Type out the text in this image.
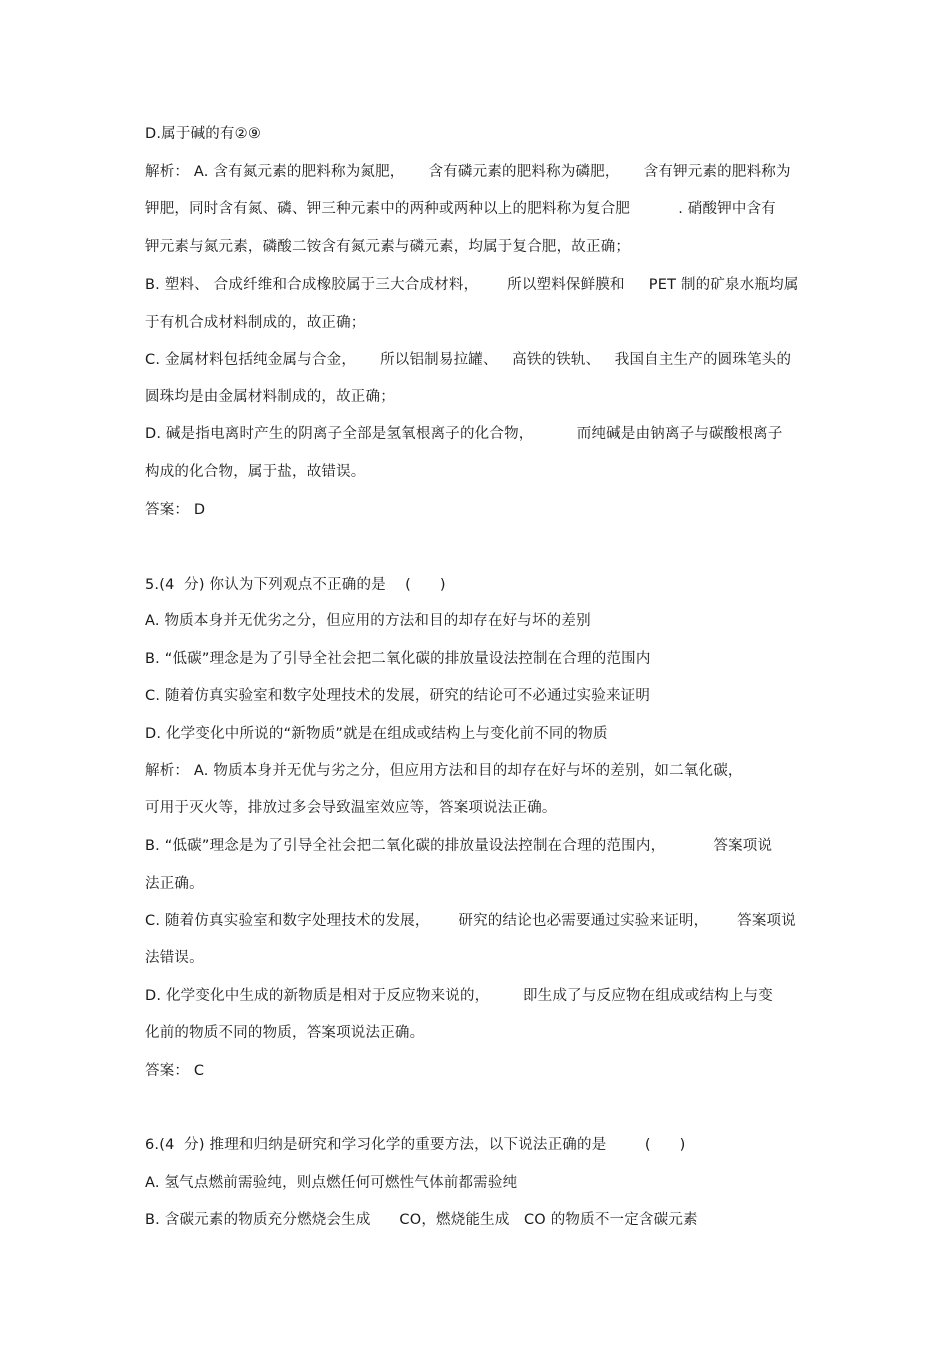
D.属于碱的有②⑨
解析： A. 含有氮元素的肥料称为氮肥，     含有磷元素的肥料称为磷肥，     含有钾元素的肥料称为
钾肥，同时含有氮、磷、钾三种元素中的两种或两种以上的肥料称为复合肥          . 硝酸钾中含有
钾元素与氮元素，磷酸二铵含有氮元素与磷元素，均属于复合肥，故正确；
B. 塑料、 合成纤维和合成橡胶属于三大合成材料，      所以塑料保鲜膜和     PET 制的矿泉水瓶均属
于有机合成材料制成的，故正确；
C. 金属材料包括纯金属与合金，     所以铝制易拉罐、   高铁的铁轨、   我国自主生产的圆珠笔头的
圆珠均是由金属材料制成的，故正确；
D. 碱是指电离时产生的阴离子全部是氢氧根离子的化合物，         而纯碱是由钠离子与碳酸根离子
构成的化合物，属于盐，故错误。
答案： D
5.(4  分) 你认为下列观点不正确的是    (      )
A. 物质本身并无优劣之分，但应用的方法和目的却存在好与坏的差别
B. “低碳”理念是为了引导全社会把二氧化碳的排放量设法控制在合理的范围内
C. 随着仿真实验室和数字处理技术的发展，研究的结论可不必通过实验来证明
D. 化学变化中所说的“新物质”就是在组成或结构上与变化前不同的物质
解析： A. 物质本身并无优与劣之分，但应用方法和目的却存在好与坏的差别，如二氧化碳，
可用于灭火等，排放过多会导致温室效应等，答案项说法正确。
B. “低碳”理念是为了引导全社会把二氧化碳的排放量设法控制在合理的范围内，          答案项说
法正确。
C. 随着仿真实验室和数字处理技术的发展，      研究的结论也必需要通过实验来证明，      答案项说
法错误。
D. 化学变化中生成的新物质是相对于反应物来说的，       即生成了与反应物在组成或结构上与变
化前的物质不同的物质，答案项说法正确。
答案： C
6.(4  分) 推理和归纳是研究和学习化学的重要方法，以下说法正确的是        (      )
A. 氢气点燃前需验纯，则点燃任何可燃性气体前都需验纯
B. 含碳元素的物质充分燃烧会生成      CO，燃烧能生成   CO 的物质不一定含碳元素
